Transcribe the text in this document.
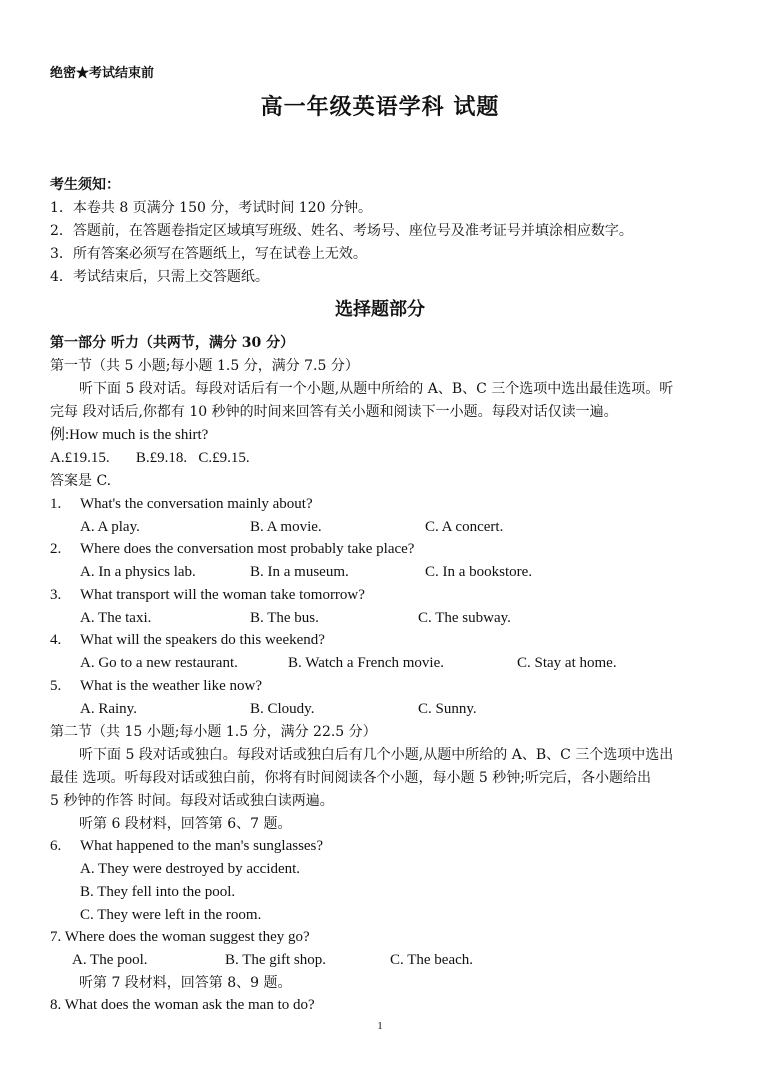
绝密★考试结束前
高一年级英语学科 试题
考生须知：
1．本卷共 8 页满分 150 分，考试时间 120 分钟。
2．答题前，在答题卷指定区域填写班级、姓名、考场号、座位号及准考证号并填涂相应数字。
3．所有答案必须写在答题纸上，写在试卷上无效。
4．考试结束后，只需上交答题纸。
选择题部分
第一部分 听力（共两节，满分 30 分）
第一节（共 5 小题;每小题 1.5 分，满分 7.5 分）
听下面 5 段对话。每段对话后有一个小题,从题中所给的 A、B、C 三个选项中选出最佳选项。听
完每 段对话后,你都有 10 秒钟的时间来回答有关小题和阅读下一小题。每段对话仅读一遍。
例:How much is the shirt?
A.£19.15.       B.£9.18.   C.£9.15.
答案是 C.
1. What's the conversation mainly about?
A. A play.	B. A movie.	C. A concert.
2. Where does the conversation most probably take place?
A. In a physics lab.	B. In a museum.	C. In a bookstore.
3. What transport will the woman take tomorrow?
A. The taxi.	B. The bus.	C. The subway.
4. What will the speakers do this weekend?
A. Go to a new restaurant.	B. Watch a French movie.	C. Stay at home.
5. What is the weather like now?
A. Rainy.	B. Cloudy.	C. Sunny.
第二节（共 15 小题;每小题 1.5 分，满分 22.5 分）
听下面 5 段对话或独白。每段对话或独白后有几个小题,从题中所给的 A、B、C 三个选项中选出
最佳 选项。听每段对话或独白前，你将有时间阅读各个小题，每小题 5 秒钟;听完后，各小题给出
5 秒钟的作答 时间。每段对话或独白读两遍。
听第 6 段材料，回答第 6、7 题。
6. What happened to the man's sunglasses?
A. They were destroyed by accident.
B. They fell into the pool.
C. They were left in the room.
7. Where does the woman suggest they go?
A. The pool.	B. The gift shop.	C. The beach.
听第 7 段材料，回答第 8、9 题。
8. What does the woman ask the man to do?
1
